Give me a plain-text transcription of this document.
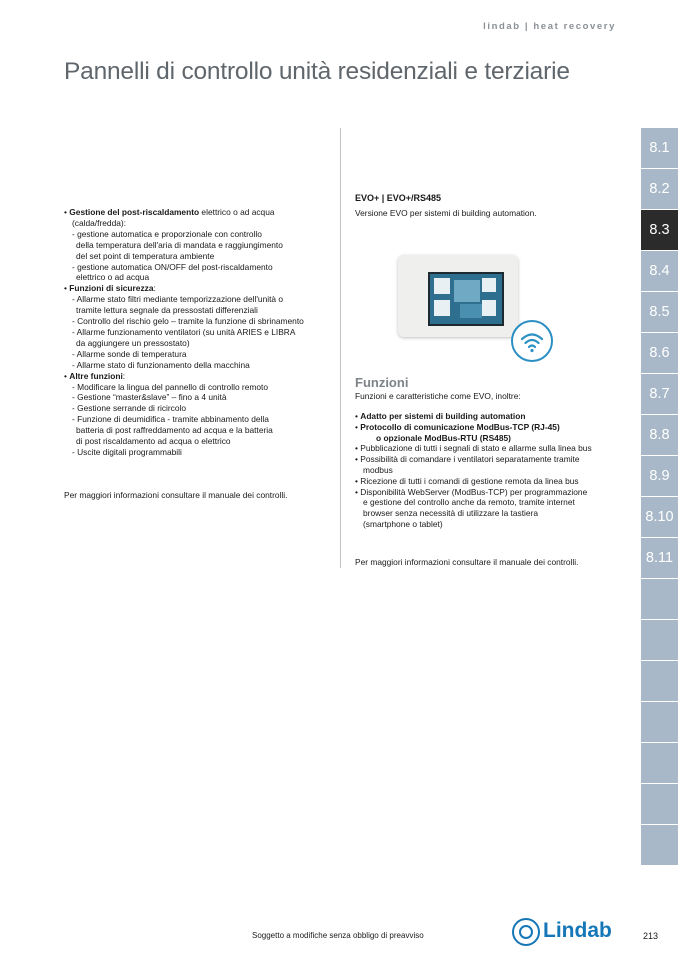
lindab | heat recovery
Pannelli di controllo unità residenziali e terziarie
• Gestione del post-riscaldamento elettrico o ad acqua
(calda/fredda):
- gestione automatica e proporzionale con controllo
della temperatura dell'aria di mandata e raggiungimento
del set point di temperatura ambiente
- gestione automatica ON/OFF del post-riscaldamento
elettrico o ad acqua
• Funzioni di sicurezza:
- Allarme stato filtri mediante temporizzazione dell'unità o
tramite lettura segnale da pressostati differenziali
- Controllo del rischio gelo – tramite la funzione di sbrinamento
- Allarme funzionamento ventilatori (su unità ARIES e LIBRA
da aggiungere un pressostato)
- Allarme sonde di temperatura
- Allarme stato di funzionamento della macchina
• Altre funzioni:
- Modificare la lingua del pannello di controllo remoto
- Gestione “master&slave” – fino a 4 unità
- Gestione serrande di ricircolo
- Funzione di deumidifica - tramite abbinamento della
batteria di post raffreddamento ad acqua e la batteria
di post riscaldamento ad acqua o elettrico
- Uscite digitali programmabili
Per maggiori informazioni consultare il manuale dei controlli.
EVO+ | EVO+/RS485
Versione EVO per sistemi di building automation.
Funzioni
Funzioni e caratteristiche come EVO, inoltre:
• Adatto per sistemi di building automation
• Protocollo di comunicazione ModBus-TCP (RJ-45)
o opzionale ModBus-RTU (RS485)
• Pubblicazione di tutti i segnali di stato e allarme sulla linea bus
• Possibilità di comandare i ventilatori separatamente tramite
modbus
• Ricezione di tutti i comandi di gestione remota da linea bus
• Disponibilità WebServer (ModBus-TCP) per programmazione
e gestione del controllo anche da remoto, tramite internet
browser senza necessità di utilizzare la tastiera
(smartphone o tablet)
Per maggiori informazioni consultare il manuale dei controlli.
8.1
8.2
8.3
8.4
8.5
8.6
8.7
8.8
8.9
8.10
8.11
Soggetto a modifiche senza obbligo di preavviso	Lindab	213
